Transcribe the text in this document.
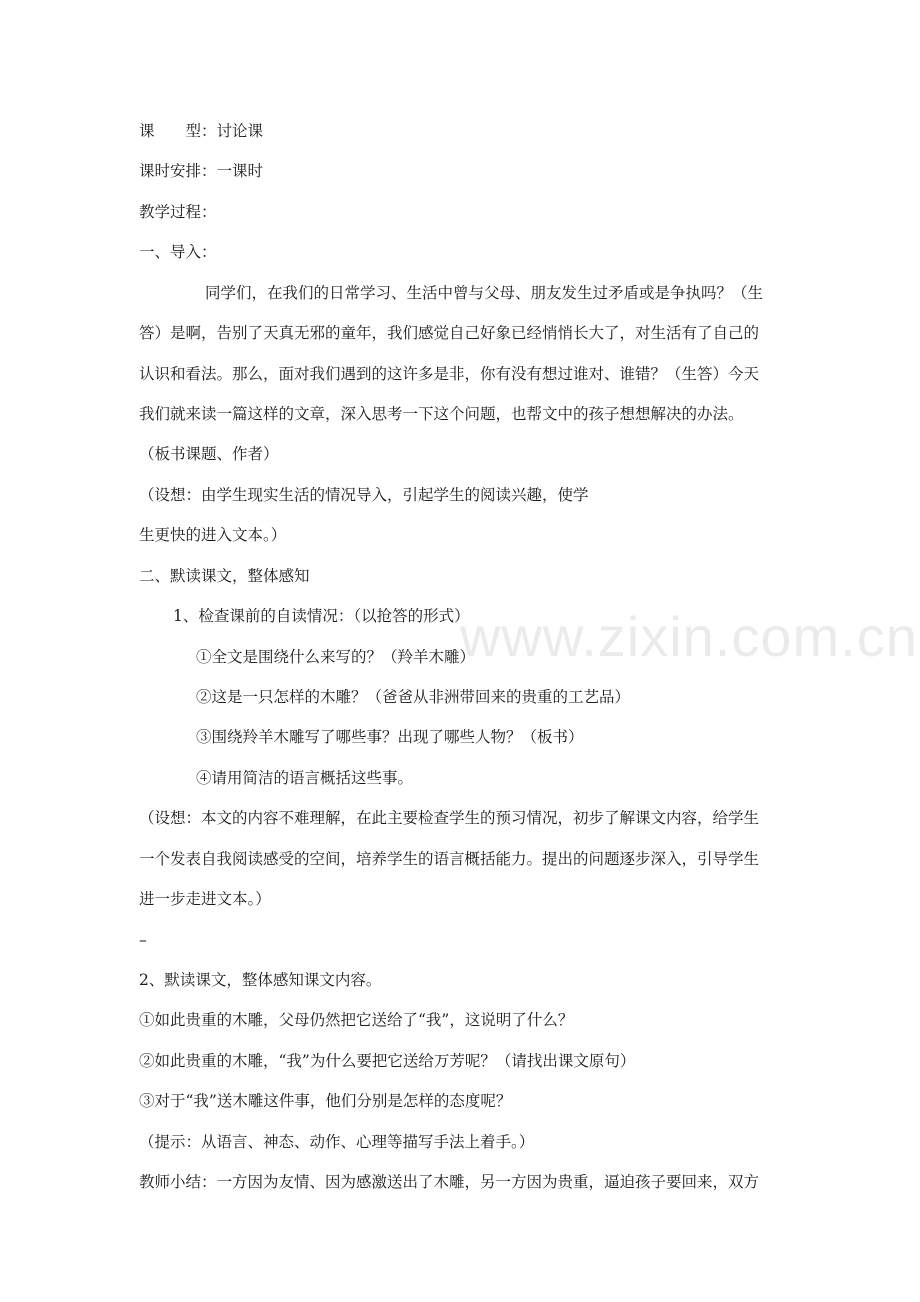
www.zixin.com.cn
课　　型：讨论课
课时安排：一课时
教学过程：
一、导入：
同学们，在我们的日常学习、生活中曾与父母、朋友发生过矛盾或是争执吗？（生
答）是啊，告别了天真无邪的童年，我们感觉自己好象已经悄悄长大了，对生活有了自己的
认识和看法。那么，面对我们遇到的这许多是非，你有没有想过谁对、谁错？（生答）今天
我们就来读一篇这样的文章，深入思考一下这个问题，也帮文中的孩子想想解决的办法。
（板书课题、作者）
（设想：由学生现实生活的情况导入，引起学生的阅读兴趣，使学
生更快的进入文本。）
二、默读课文，整体感知
1、检查课前的自读情况：（以抢答的形式）
①全文是围绕什么来写的？（羚羊木雕）
②这是一只怎样的木雕？（爸爸从非洲带回来的贵重的工艺品）
③围绕羚羊木雕写了哪些事？出现了哪些人物？（板书）
④请用简洁的语言概括这些事。
（设想：本文的内容不难理解，在此主要检查学生的预习情况，初步了解课文内容，给学生
一个发表自我阅读感受的空间，培养学生的语言概括能力。提出的问题逐步深入，引导学生
进一步走进文本。）
–
2、默读课文，整体感知课文内容。
①如此贵重的木雕，父母仍然把它送给了“我”，这说明了什么？
②如此贵重的木雕，“我”为什么要把它送给万芳呢？（请找出课文原句）
③对于“我”送木雕这件事，他们分别是怎样的态度呢？
（提示：从语言、神态、动作、心理等描写手法上着手。）
教师小结：一方因为友情、因为感激送出了木雕，另一方因为贵重，逼迫孩子要回来，双方
